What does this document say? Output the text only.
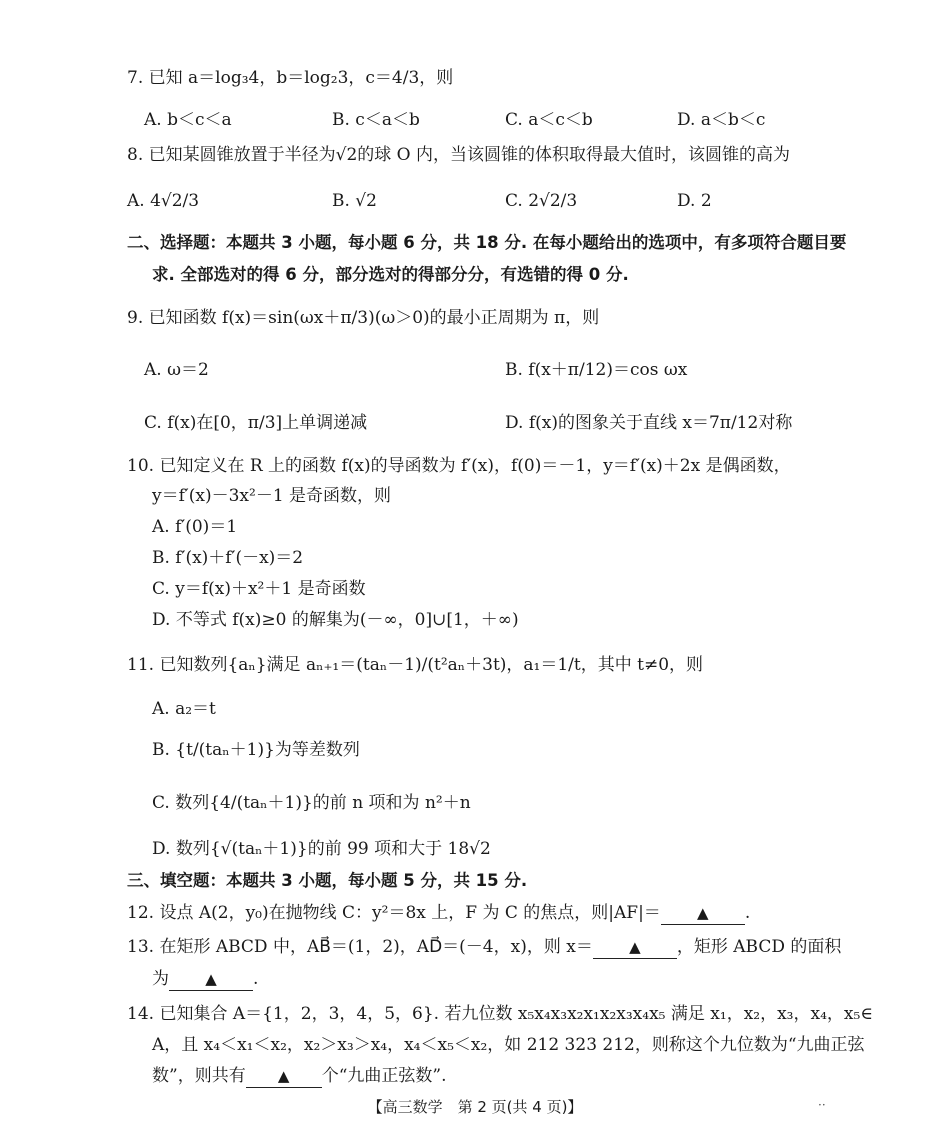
7. 已知 a＝log₃4，b＝log₂3，c＝4/3，则
A. b＜c＜a	B. c＜a＜b	C. a＜c＜b	D. a＜b＜c
8. 已知某圆锥放置于半径为√2的球 O 内，当该圆锥的体积取得最大值时，该圆锥的高为
A. 4√2/3	B. √2	C. 2√2/3	D. 2
二、选择题：本题共 3 小题，每小题 6 分，共 18 分. 在每小题给出的选项中，有多项符合题目要
求. 全部选对的得 6 分，部分选对的得部分分，有选错的得 0 分.
9. 已知函数 f(x)＝sin(ωx＋π/3)(ω＞0)的最小正周期为 π，则
A. ω＝2	B. f(x＋π/12)＝cos ωx
C. f(x)在[0，π/3]上单调递减	D. f(x)的图象关于直线 x＝7π/12对称
10. 已知定义在 R 上的函数 f(x)的导函数为 f′(x)，f(0)＝－1，y＝f′(x)＋2x 是偶函数，
y＝f′(x)－3x²－1 是奇函数，则
A. f′(0)＝1
B. f′(x)＋f′(－x)＝2
C. y＝f(x)＋x²＋1 是奇函数
D. 不等式 f(x)≥0 的解集为(－∞，0]∪[1，＋∞)
11. 已知数列{aₙ}满足 aₙ₊₁＝(taₙ－1)/(t²aₙ＋3t)，a₁＝1/t，其中 t≠0，则
A. a₂＝t
B. {t/(taₙ＋1)}为等差数列
C. 数列{4/(taₙ＋1)}的前 n 项和为 n²＋n
D. 数列{√(taₙ＋1)}的前 99 项和大于 18√2
三、填空题：本题共 3 小题，每小题 5 分，共 15 分.
12. 设点 A(2，y₀)在抛物线 C：y²＝8x 上，F 为 C 的焦点，则|AF|＝ ▲ .
13. 在矩形 ABCD 中，AB⃗＝(1，2)，AD⃗＝(－4，x)，则 x＝ ▲ ，矩形 ABCD 的面积
为 ▲ .
14. 已知集合 A＝{1，2，3，4，5，6}. 若九位数 x₅x₄x₃x₂x₁x₂x₃x₄x₅ 满足 x₁，x₂，x₃，x₄，x₅∈
A，且 x₄＜x₁＜x₂，x₂＞x₃＞x₄，x₄＜x₅＜x₂，如 212 323 212，则称这个九位数为“九曲正弦
数”，则共有 ▲ 个“九曲正弦数”.
【高三数学　第 2 页(共 4 页)】	··
